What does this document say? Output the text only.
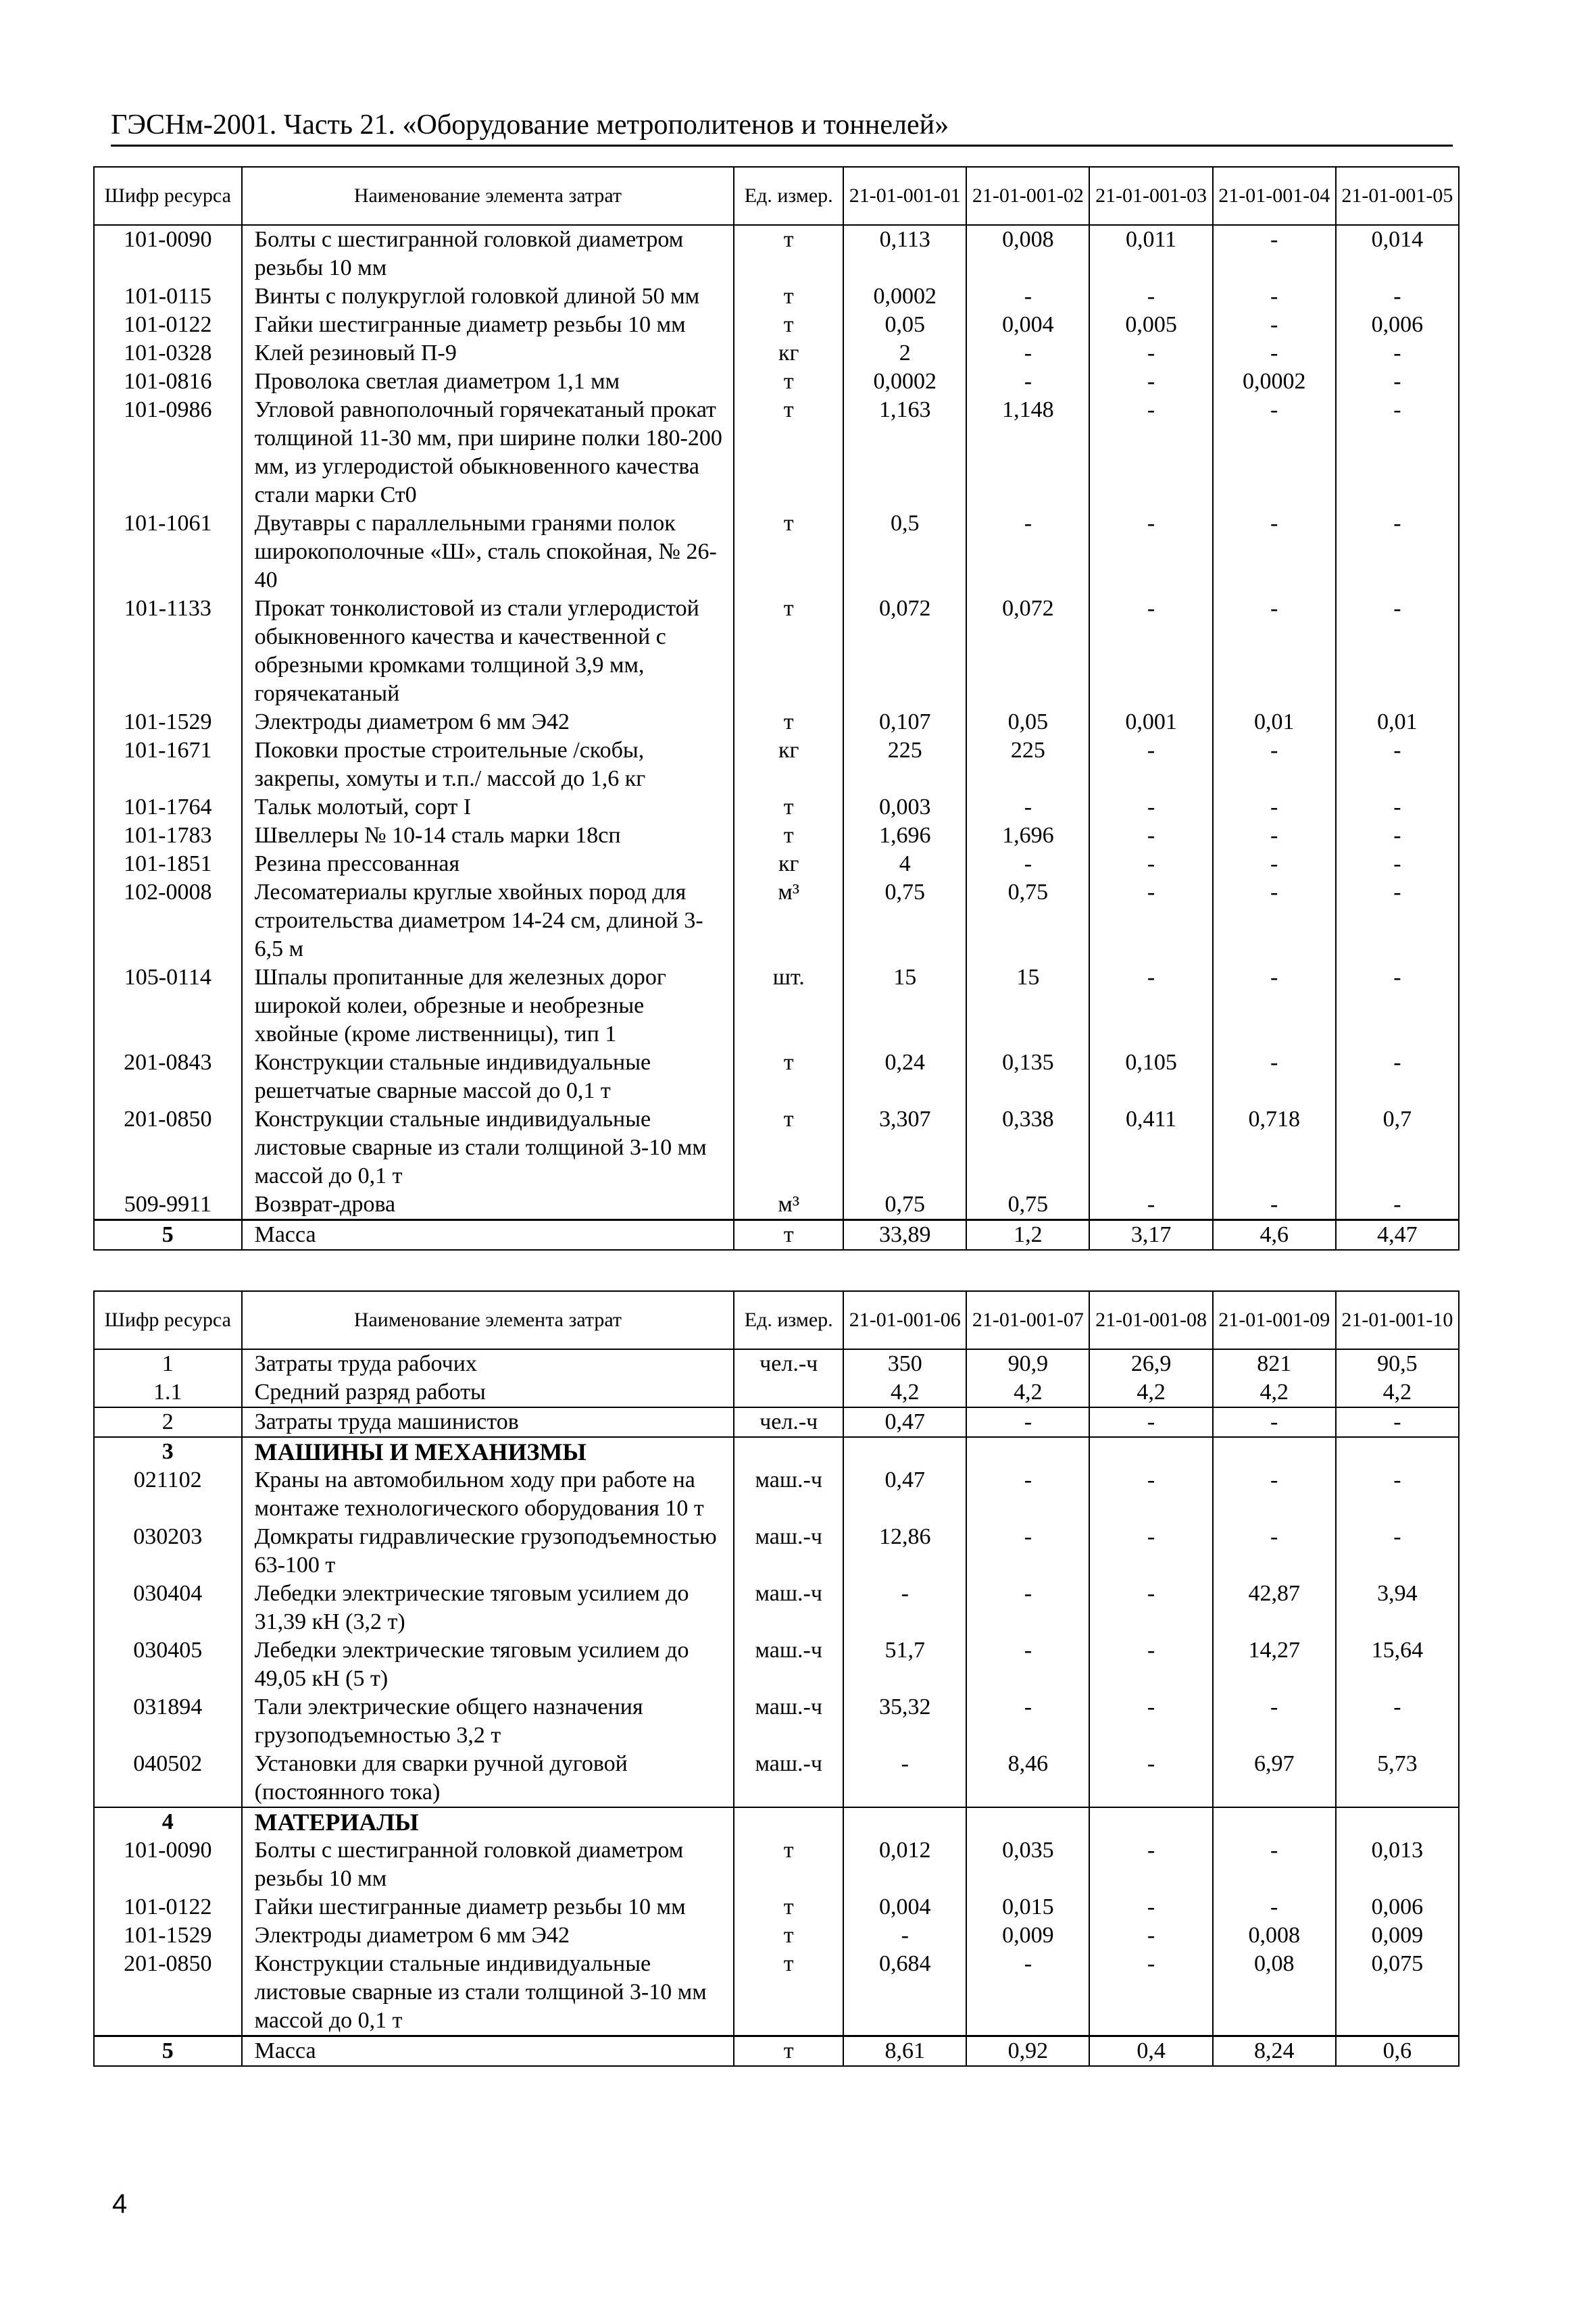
ГЭСНм-2001. Часть 21. «Оборудование метрополитенов и тоннелей»
Шифр ресурса	Наименование элемента затрат	Ед. измер.	21-01-001-01	21-01-001-02	21-01-001-03	21-01-001-04	21-01-001-05
101-0090	Болты с шестигранной головкой диаметром резьбы 10 мм	т	0,113	0,008	0,011	-	0,014
101-0115	Винты с полукруглой головкой длиной 50 мм	т	0,0002	-	-	-	-
101-0122	Гайки шестигранные диаметр резьбы 10 мм	т	0,05	0,004	0,005	-	0,006
101-0328	Клей резиновый П-9	кг	2	-	-	-	-
101-0816	Проволока светлая диаметром 1,1 мм	т	0,0002	-	-	0,0002	-
101-0986	Угловой равнополочный горячекатаный прокат толщиной 11-30 мм, при ширине полки 180-200 мм, из углеродистой обыкновенного качества стали марки Ст0	т	1,163	1,148	-	-	-
101-1061	Двутавры с параллельными гранями полок широкополочные «Ш», сталь спокойная, № 26-40	т	0,5	-	-	-	-
101-1133	Прокат тонколистовой из стали углеродистой обыкновенного качества и качественной с обрезными кромками толщиной 3,9 мм, горячекатаный	т	0,072	0,072	-	-	-
101-1529	Электроды диаметром 6 мм Э42	т	0,107	0,05	0,001	0,01	0,01
101-1671	Поковки простые строительные /скобы, закрепы, хомуты и т.п./ массой до 1,6 кг	кг	225	225	-	-	-
101-1764	Тальк молотый, сорт I	т	0,003	-	-	-	-
101-1783	Швеллеры № 10-14 сталь марки 18сп	т	1,696	1,696	-	-	-
101-1851	Резина прессованная	кг	4	-	-	-	-
102-0008	Лесоматериалы круглые хвойных пород для строительства диаметром 14-24 см, длиной 3-6,5 м	м³	0,75	0,75	-	-	-
105-0114	Шпалы пропитанные для железных дорог широкой колеи, обрезные и необрезные хвойные (кроме лиственницы), тип 1	шт.	15	15	-	-	-
201-0843	Конструкции стальные индивидуальные решетчатые сварные массой до 0,1 т	т	0,24	0,135	0,105	-	-
201-0850	Конструкции стальные индивидуальные листовые сварные из стали толщиной 3-10 мм массой до 0,1 т	т	3,307	0,338	0,411	0,718	0,7
509-9911	Возврат-дрова	м³	0,75	0,75	-	-	-
5	Масса	т	33,89	1,2	3,17	4,6	4,47
Шифр ресурса	Наименование элемента затрат	Ед. измер.	21-01-001-06	21-01-001-07	21-01-001-08	21-01-001-09	21-01-001-10
1	Затраты труда рабочих	чел.-ч	350	90,9	26,9	821	90,5
1.1	Средний разряд работы		4,2	4,2	4,2	4,2	4,2
2	Затраты труда машинистов	чел.-ч	0,47	-	-	-	-
3	МАШИНЫ И МЕХАНИЗМЫ						
021102	Краны на автомобильном ходу при работе на монтаже технологического оборудования 10 т	маш.-ч	0,47	-	-	-	-
030203	Домкраты гидравлические грузоподъемностью 63-100 т	маш.-ч	12,86	-	-	-	-
030404	Лебедки электрические тяговым усилием до 31,39 кН (3,2 т)	маш.-ч	-	-	-	42,87	3,94
030405	Лебедки электрические тяговым усилием до 49,05 кН (5 т)	маш.-ч	51,7	-	-	14,27	15,64
031894	Тали электрические общего назначения грузоподъемностью 3,2 т	маш.-ч	35,32	-	-	-	-
040502	Установки для сварки ручной дуговой (постоянного тока)	маш.-ч	-	8,46	-	6,97	5,73
4	МАТЕРИАЛЫ						
101-0090	Болты с шестигранной головкой диаметром резьбы 10 мм	т	0,012	0,035	-	-	0,013
101-0122	Гайки шестигранные диаметр резьбы 10 мм	т	0,004	0,015	-	-	0,006
101-1529	Электроды диаметром 6 мм Э42	т	-	0,009	-	0,008	0,009
201-0850	Конструкции стальные индивидуальные листовые сварные из стали толщиной 3-10 мм массой до 0,1 т	т	0,684	-	-	0,08	0,075
5	Масса	т	8,61	0,92	0,4	8,24	0,6
4
